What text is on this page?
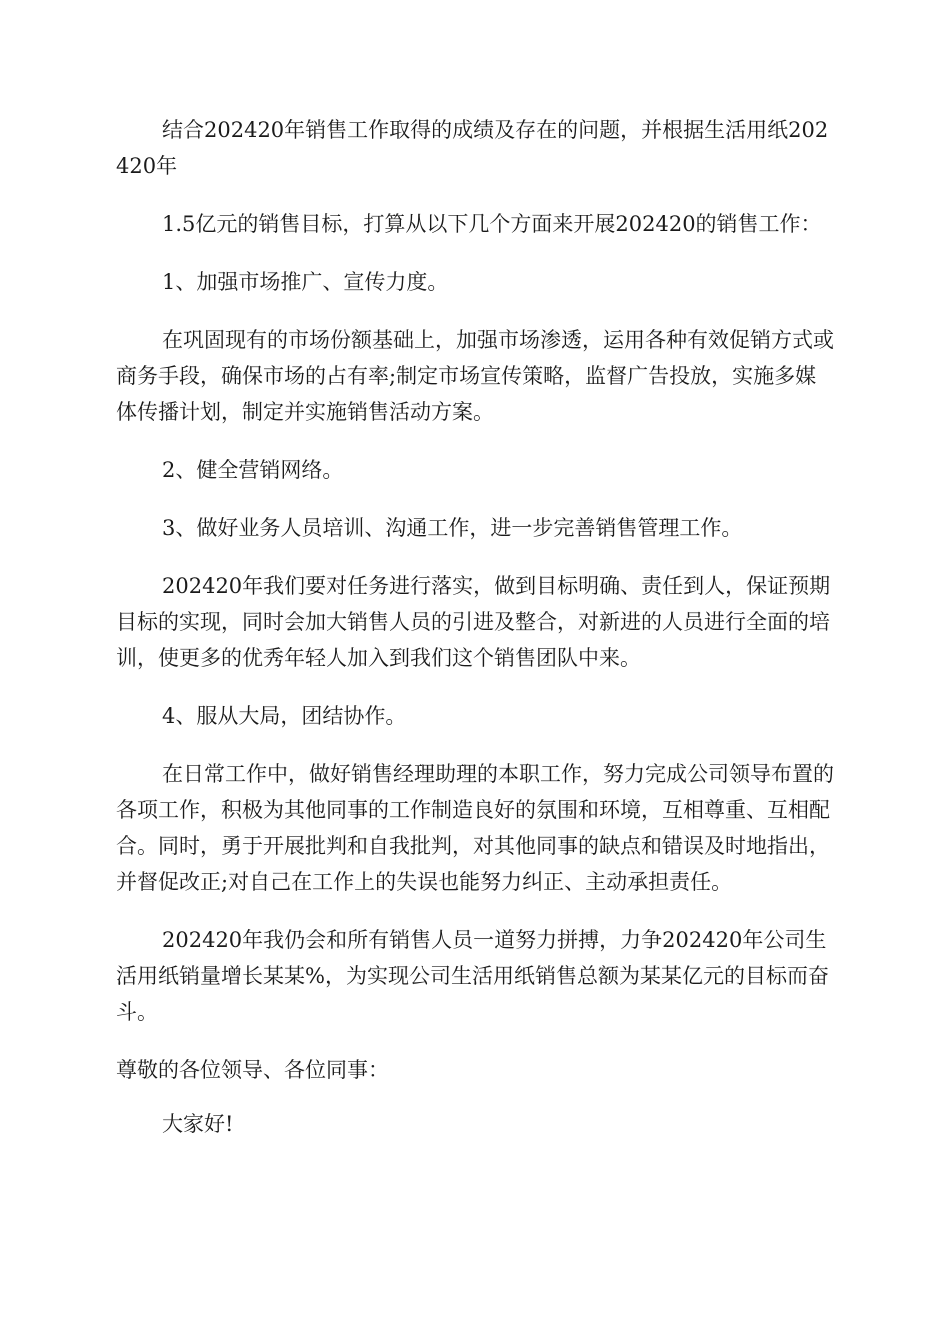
结合202420年销售工作取得的成绩及存在的问题，并根据生活用纸202420年

1.5亿元的销售目标，打算从以下几个方面来开展202420的销售工作：

1、加强市场推广、宣传力度。

在巩固现有的市场份额基础上，加强市场渗透，运用各种有效促销方式或商务手段，确保市场的占有率;制定市场宣传策略，监督广告投放，实施多媒体传播计划，制定并实施销售活动方案。

2、健全营销网络。

3、做好业务人员培训、沟通工作，进一步完善销售管理工作。

202420年我们要对任务进行落实，做到目标明确、责任到人，保证预期目标的实现，同时会加大销售人员的引进及整合，对新进的人员进行全面的培训，使更多的优秀年轻人加入到我们这个销售团队中来。

4、服从大局，团结协作。

在日常工作中，做好销售经理助理的本职工作，努力完成公司领导布置的各项工作，积极为其他同事的工作制造良好的氛围和环境，互相尊重、互相配合。同时，勇于开展批判和自我批判，对其他同事的缺点和错误及时地指出，并督促改正;对自己在工作上的失误也能努力纠正、主动承担责任。

202420年我仍会和所有销售人员一道努力拼搏，力争202420年公司生活用纸销量增长某某%，为实现公司生活用纸销售总额为某某亿元的目标而奋斗。

尊敬的各位领导、各位同事：

大家好!
